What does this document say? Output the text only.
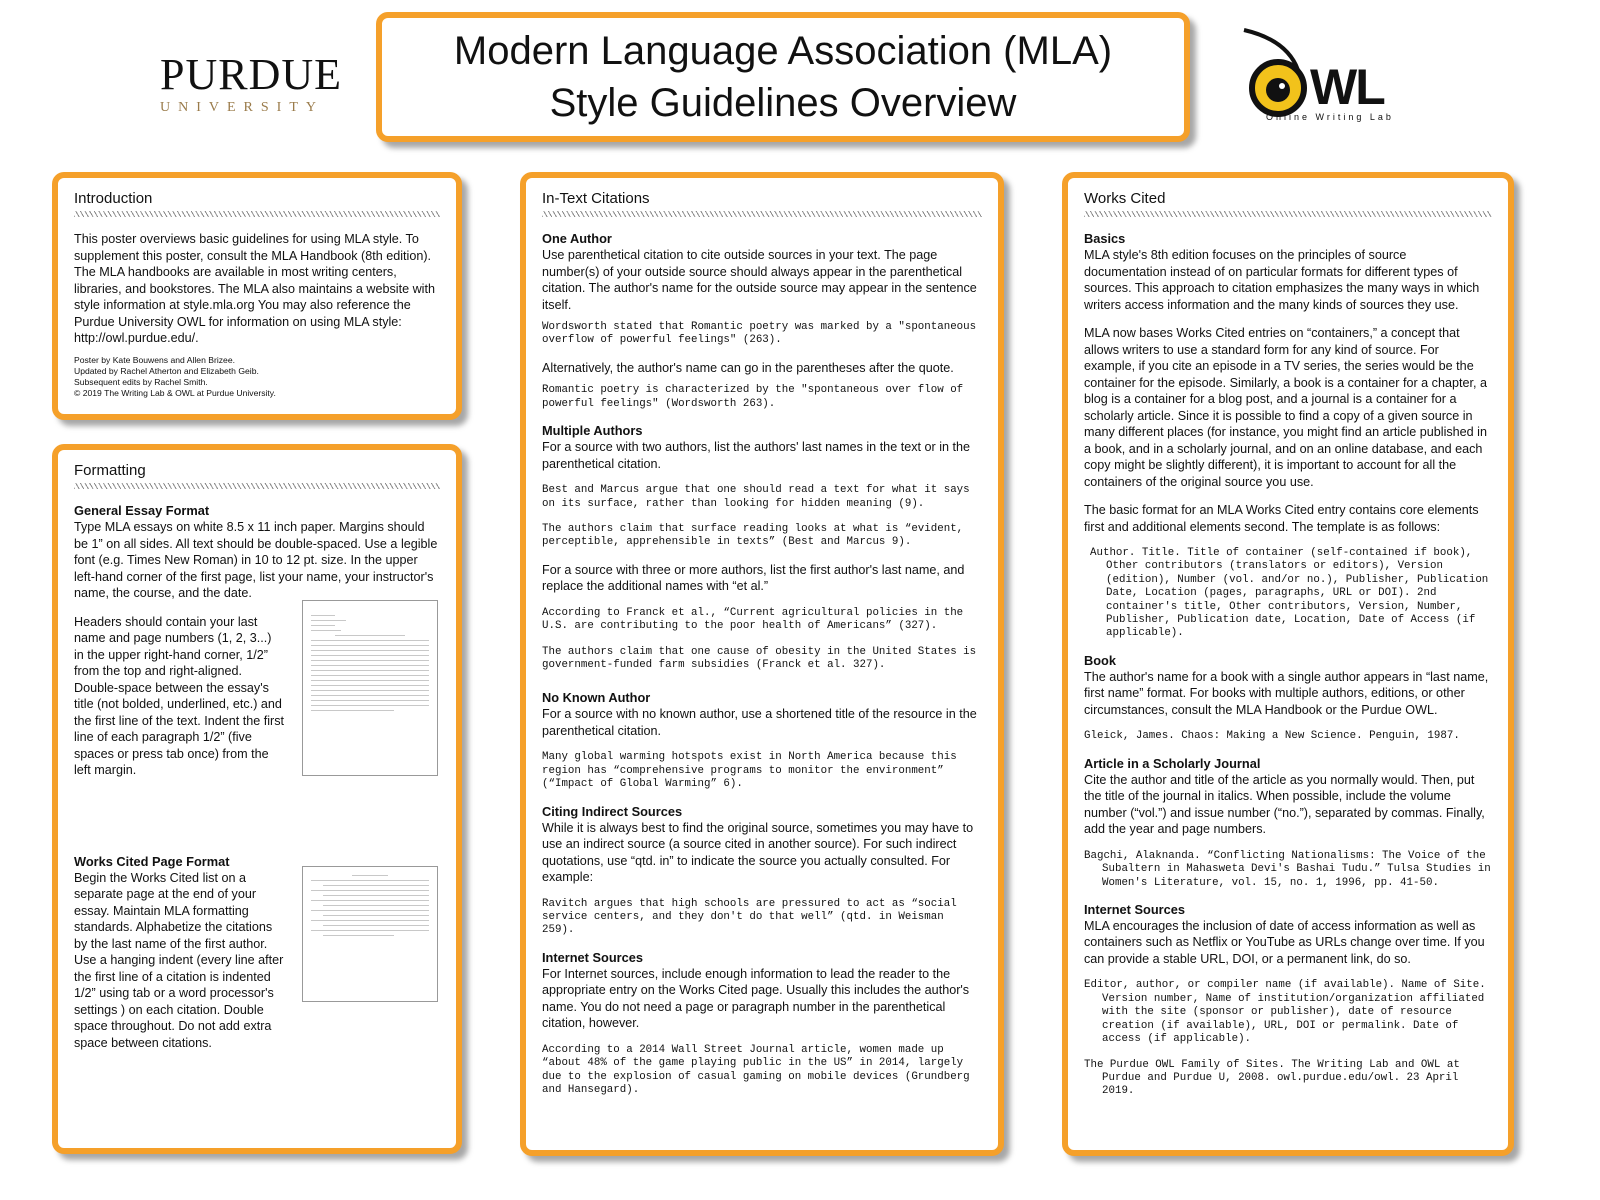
PURDUE
UNIVERSITY
Modern Language Association (MLA)
Style Guidelines Overview	WL
Online Writing Lab
Introduction
This poster overviews basic guidelines for using MLA style. To supplement this poster, consult the MLA Handbook (8th edition). The MLA handbooks are available in most writing centers, libraries, and bookstores. The MLA also maintains a website with style information at style.mla.org You may also reference the Purdue University OWL for information on using MLA style: http://owl.purdue.edu/.
Poster by Kate Bouwens and Allen Brizee.
Updated by Rachel Atherton and Elizabeth Geib.
Subsequent edits by Rachel Smith.
© 2019 The Writing Lab & OWL at Purdue University.
Formatting
General Essay Format
Type MLA essays on white 8.5 x 11 inch paper. Margins should be 1” on all sides. All text should be double-spaced. Use a legible font (e.g. Times New Roman) in 10 to 12 pt. size. In the upper left-hand corner of the first page, list your name, your instructor's name, the course, and the date.
Headers should contain your last name and page numbers (1, 2, 3...) in the upper right-hand corner, 1/2” from the top and right-aligned. Double-space between the essay's title (not bolded, underlined, etc.) and the first line of the text. Indent the first line of each paragraph 1/2” (five spaces or press tab once) from the left margin.
Works Cited Page Format
Begin the Works Cited list on a separate page at the end of your essay. Maintain MLA formatting standards. Alphabetize the citations by the last name of the first author. Use a hanging indent (every line after the first line of a citation is indented 1/2” using tab or a word processor's settings ) on each citation. Double space throughout. Do not add extra space between citations.
In-Text Citations
One Author
Use parenthetical citation to cite outside sources in your text. The page number(s) of your outside source should always appear in the parenthetical citation. The author's name for the outside source may appear in the sentence itself.
Wordsworth stated that Romantic poetry was marked by a "spontaneous overflow of powerful feelings" (263).
Alternatively, the author's name can go in the parentheses after the quote.
Romantic poetry is characterized by the "spontaneous over flow of powerful feelings" (Wordsworth 263).
Multiple Authors
For a source with two authors, list the authors' last names in the text or in the parenthetical citation.
Best and Marcus argue that one should read a text for what it says on its surface, rather than looking for hidden meaning (9).
The authors claim that surface reading looks at what is “evident, perceptible, apprehensible in texts” (Best and Marcus 9).
For a source with three or more authors, list the first author's last name, and replace the additional names with “et al.”
According to Franck et al., “Current agricultural policies in the U.S. are contributing to the poor health of Americans” (327).
The authors claim that one cause of obesity in the United States is government-funded farm subsidies (Franck et al. 327).
No Known Author
For a source with no known author, use a shortened title of the resource in the parenthetical citation.
Many global warming hotspots exist in North America because this region has “comprehensive programs to monitor the environment” (“Impact of Global Warming” 6).
Citing Indirect Sources
While it is always best to find the original source, sometimes you may have to use an indirect source (a source cited in another source). For such indirect quotations, use “qtd. in” to indicate the source you actually consulted. For example:
Ravitch argues that high schools are pressured to act as “social service centers, and they don't do that well” (qtd. in Weisman 259).
Internet Sources
For Internet sources, include enough information to lead the reader to the appropriate entry on the Works Cited page. Usually this includes the author's name. You do not need a page or paragraph number in the parenthetical citation, however.
According to a 2014 Wall Street Journal article, women made up “about 48% of the game playing public in the US” in 2014, largely due to the explosion of casual gaming on mobile devices (Grundberg and Hansegard).
Works Cited
Basics
MLA style's 8th edition focuses on the principles of source documentation instead of on particular formats for different types of sources. This approach to citation emphasizes the many ways in which writers access information and the many kinds of sources they use.
MLA now bases Works Cited entries on “containers,” a concept that allows writers to use a standard form for any kind of source. For example, if you cite an episode in a TV series, the series would be the container for the episode. Similarly, a book is a container for a chapter, a blog is a container for a blog post, and a journal is a container for a scholarly article. Since it is possible to find a copy of a given source in many different places (for instance, you might find an article published in a book, and in a scholarly journal, and on an online database, and each copy might be slightly different), it is important to account for all the containers of the original source you use.
The basic format for an MLA Works Cited entry contains core elements first and additional elements second. The template is as follows:
Author. Title. Title of container (self-contained if book), Other contributors (translators or editors), Version (edition), Number (vol. and/or no.), Publisher, Publication Date, Location (pages, paragraphs, URL or DOI). 2nd container's title, Other contributors, Version, Number, Publisher, Publication date, Location, Date of Access (if applicable).
Book
The author's name for a book with a single author appears in “last name, first name” format. For books with multiple authors, editions, or other circumstances, consult the MLA Handbook or the Purdue OWL.
Gleick, James. Chaos: Making a New Science. Penguin, 1987.
Article in a Scholarly Journal
Cite the author and title of the article as you normally would. Then, put the title of the journal in italics. When possible, include the volume number (“vol.”) and issue number (“no.”), separated by commas. Finally, add the year and page numbers.
Bagchi, Alaknanda. “Conflicting Nationalisms: The Voice of the Subaltern in Mahasweta Devi's Bashai Tudu.” Tulsa Studies in Women's Literature, vol. 15, no. 1, 1996, pp. 41-50.
Internet Sources
MLA encourages the inclusion of date of access information as well as containers such as Netflix or YouTube as URLs change over time. If you can provide a stable URL, DOI, or a permanent link, do so.
Editor, author, or compiler name (if available). Name of Site. Version number, Name of institution/organization affiliated with the site (sponsor or publisher), date of resource creation (if available), URL, DOI or permalink. Date of access (if applicable).
The Purdue OWL Family of Sites. The Writing Lab and OWL at Purdue and Purdue U, 2008. owl.purdue.edu/owl. 23 April 2019.
